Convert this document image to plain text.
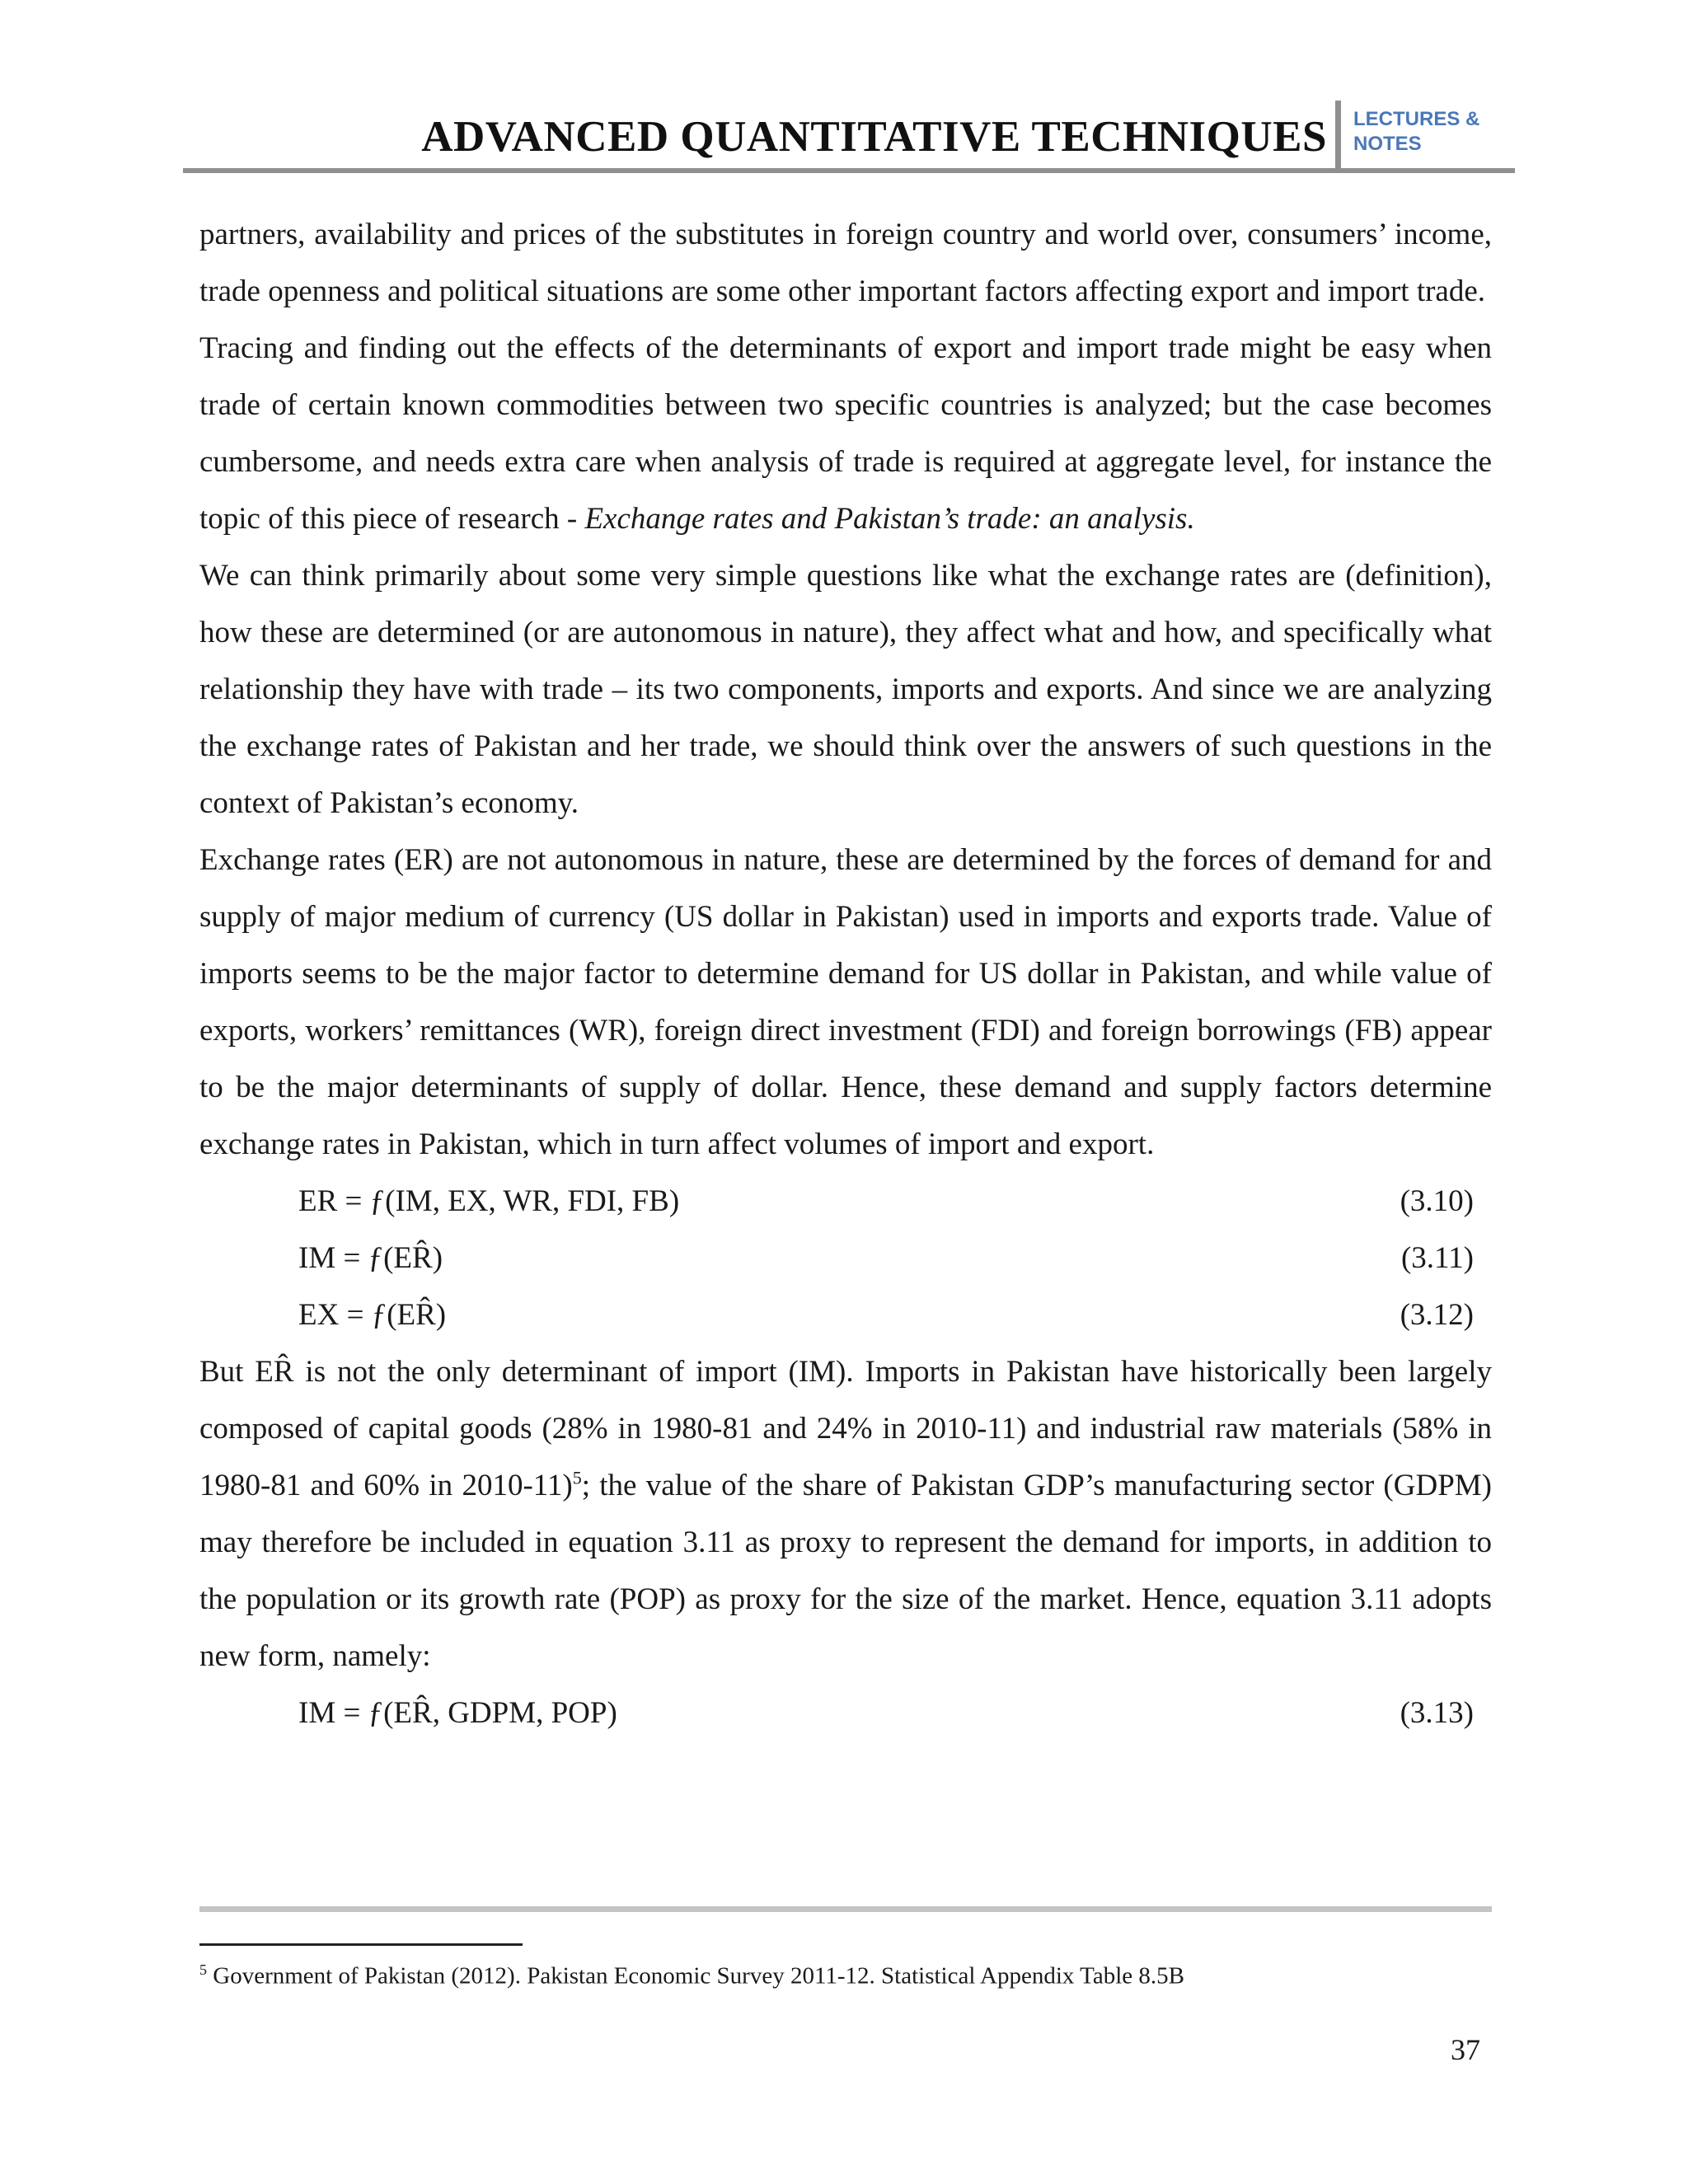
ADVANCED QUANTITATIVE TECHNIQUES LECTURES &
NOTES

partners, availability and prices of the substitutes in foreign country and world over, consumers’ income, trade openness and political situations are some other important factors affecting export and import trade.

Tracing and finding out the effects of the determinants of export and import trade might be easy when trade of certain known commodities between two specific countries is analyzed; but the case becomes cumbersome, and needs extra care when analysis of trade is required at aggregate level, for instance the topic of this piece of research - Exchange rates and Pakistan’s trade: an analysis.

We can think primarily about some very simple questions like what the exchange rates are (definition), how these are determined (or are autonomous in nature), they affect what and how, and specifically what relationship they have with trade – its two components, imports and exports. And since we are analyzing the exchange rates of Pakistan and her trade, we should think over the answers of such questions in the context of Pakistan’s economy.

Exchange rates (ER) are not autonomous in nature, these are determined by the forces of demand for and supply of major medium of currency (US dollar in Pakistan) used in imports and exports trade. Value of imports seems to be the major factor to determine demand for US dollar in Pakistan, and while value of exports, workers’ remittances (WR), foreign direct investment (FDI) and foreign borrowings (FB) appear to be the major determinants of supply of dollar. Hence, these demand and supply factors determine exchange rates in Pakistan, which in turn affect volumes of import and export.

ER = ƒ(IM, EX, WR, FDI, FB)	(3.10)
IM = ƒ(ER̂)	(3.11)
EX = ƒ(ER̂)	(3.12)

But ER̂ is not the only determinant of import (IM). Imports in Pakistan have historically been largely composed of capital goods (28% in 1980-81 and 24% in 2010-11) and industrial raw materials (58% in 1980-81 and 60% in 2010-11)$^5$; the value of the share of Pakistan GDP’s manufacturing sector (GDPM) may therefore be included in equation 3.11 as proxy to represent the demand for imports, in addition to the population or its growth rate (POP) as proxy for the size of the market. Hence, equation 3.11 adopts new form, namely:

IM = ƒ(ER̂, GDPM, POP)	(3.13)
$^5$ Government of Pakistan (2012). Pakistan Economic Survey 2011-12. Statistical Appendix Table 8.5B
37
